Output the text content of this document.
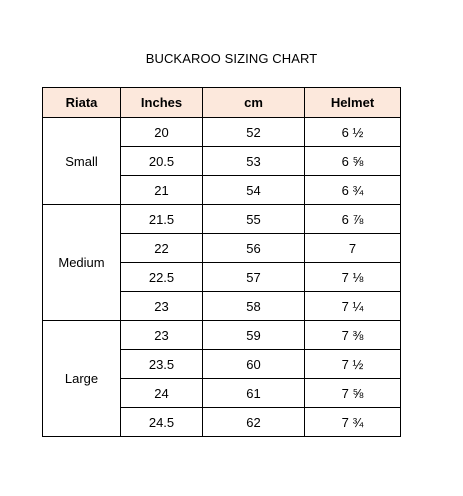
BUCKAROO SIZING CHART
Riata	Inches	cm	Helmet
Small	20	52	6 ½
	20.5	53	6 ⅝
	21	54	6 ¾
Medium	21.5	55	6 ⅞
	22	56	7
	22.5	57	7 ⅛
	23	58	7 ¼
Large	23	59	7 ⅜
	23.5	60	7 ½
	24	61	7 ⅝
	24.5	62	7 ¾
